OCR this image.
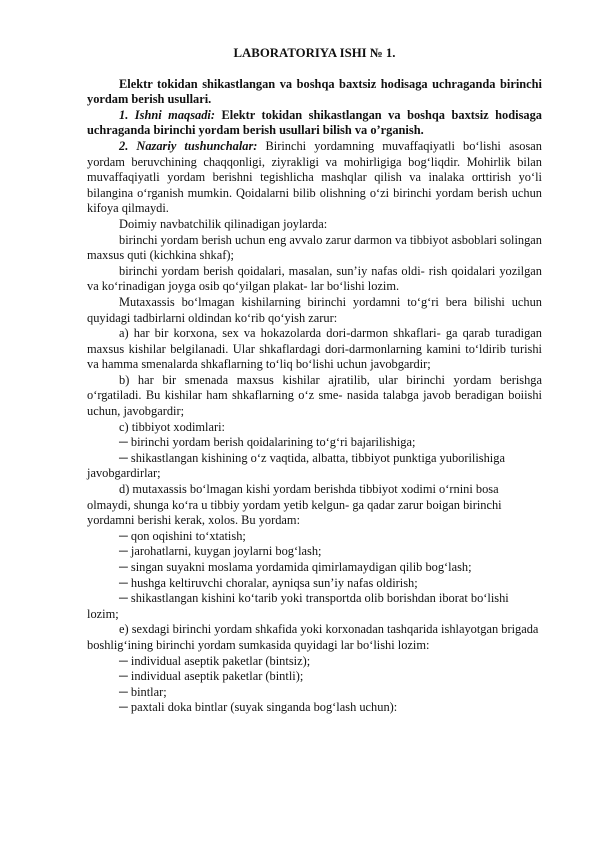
LABORATORIYA ISHI № 1.

Elektr tokidan shikastlangan va boshqa baxtsiz hodisaga uchraganda birinchi yordam berish usullari.

1. Ishni maqsadi: Elektr tokidan shikastlangan va boshqa baxtsiz hodisaga uchraganda birinchi yordam berish usullari bilish va o’rganish.

2. Nazariy tushunchalar: Birinchi yordamning muvaffaqiyatli bo‘lishi asosan yordam beruvchining chaqqonligi, ziyrakligi va mohirligiga bog‘liqdir. Mohirlik bilan muvaffaqiyatli yordam berishni tegishlicha mashqlar qilish va inalaka orttirish yo‘li bilangina o‘rganish mumkin. Qoidalarni bilib olishning o‘zi birinchi yordam berish uchun kifoya qilmaydi.

Doimiy navbatchilik qilinadigan joylarda:

birinchi yordam berish uchun eng avvalo zarur darmon va tibbiyot asboblari solingan maxsus quti (kichkina shkaf);

birinchi yordam berish qoidalari, masalan, sun’iy nafas oldi- rish qoidalari yozilgan va ko‘rinadigan joyga osib qo‘yilgan plakat- lar bo‘lishi lozim.

Mutaxassis bo‘lmagan kishilarning birinchi yordamni to‘g‘ri bera bilishi uchun quyidagi tadbirlarni oldindan ko‘rib qo‘yish zarur:

a) har bir korxona, sex va hokazolarda dori-darmon shkaflari- ga qarab turadigan maxsus kishilar belgilanadi. Ular shkaflardagi dori-darmonlarning kamini to‘ldirib turishi va hamma smenalarda shkaflarning to‘liq bo‘lishi uchun javobgardir;

b) har bir smenada maxsus kishilar ajratilib, ular birinchi yordam berishga o‘rgatiladi. Bu kishilar ham shkaflarning o‘z sme- nasida talabga javob beradigan boiishi uchun, javobgardir;

c) tibbiyot xodimlari:

─ birinchi yordam berish qoidalarining to‘g‘ri bajarilishiga;

─ shikastlangan kishining o‘z vaqtida, albatta, tibbiyot punktiga yuborilishiga javobgardirlar;

d) mutaxassis bo‘lmagan kishi yordam berishda tibbiyot xodimi o‘rnini bosa olmaydi, shunga ko‘ra u tibbiy yordam yetib kelgun- ga qadar zarur boigan birinchi yordamni berishi kerak, xolos. Bu yordam:

─ qon oqishini to‘xtatish;

─ jarohatlarni, kuygan joylarni bog‘lash;

─ singan suyakni moslama yordamida qimirlamaydigan qilib bog‘lash;

─ hushga keltiruvchi choralar, ayniqsa sun’iy nafas oldirish;

─ shikastlangan kishini ko‘tarib yoki transportda olib borishdan iborat bo‘lishi lozim;

e) sexdagi birinchi yordam shkafida yoki korxonadan tashqarida ishlayotgan brigada boshlig‘ining birinchi yordam sumkasida quyidagi lar bo‘lishi lozim:

─ individual aseptik paketlar (bintsiz);

─ individual aseptik paketlar (bintli);

─ bintlar;

─ paxtali doka bintlar (suyak singanda bog‘lash uchun):
